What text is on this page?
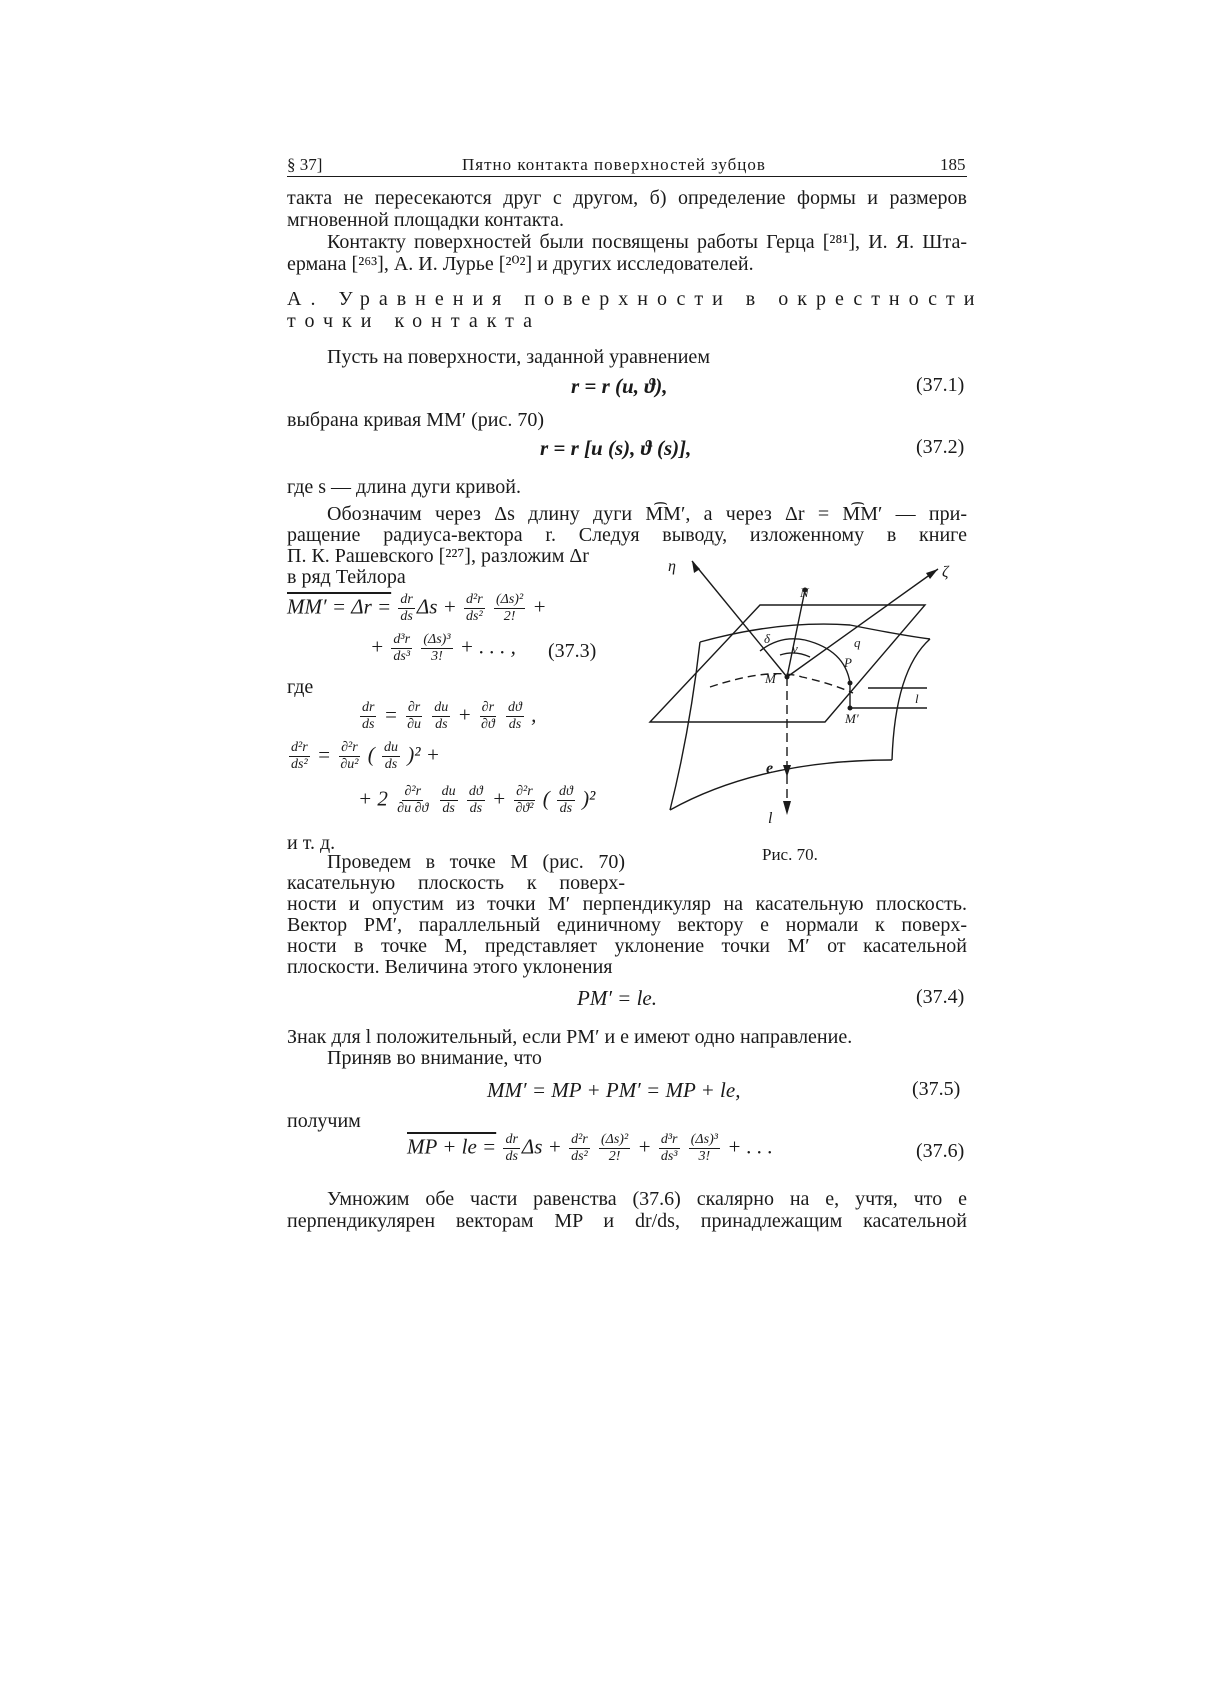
§ 37]	Пятно контакта поверхностей зубцов	185
такта не пересекаются друг с другом, б) определение формы и размеров
мгновенной площадки контакта.
Контакту поверхностей были посвящены работы Герца [²⁸¹], И. Я. Шта-
ермана [²⁶³], А. И. Лурье [²⁰²] и других исследователей.
А. Уравнения поверхности в окрестности
точки контакта
Пусть на поверхности, заданной уравнением
r = r (u, ϑ),	(37.1)
выбрана кривая MM′ (рис. 70)
r = r [u (s), ϑ (s)],	(37.2)
где s — длина дуги кривой.
Обозначим через Δs длину дуги M͡M′, а через Δr = M͡M′ — при-
ращение радиуса-вектора r. Следуя выводу, изложенному в книге
П. К. Рашевского [²²⁷], разложим Δr
в ряд Тейлора
$MM' = \Delta r = \frac{dr}{ds}$ $\Delta s + \frac{\text{d²r}}{\text{ds²}}$
$\frac{\text{(Δs)²}}{2!}$ +
+ $\frac{\text{d³r}}{\text{ds³}}$
$\frac{\text{(Δs)³}}{3!}$ + . . . , (37.3)
где
$\frac{dr}{ds} = \frac{\partial r}{\partial u}$
$\frac{du}{ds} + \frac{\partial r}{\partial ϑ}$
$\frac{dϑ}{ds}$ ,
$\frac{\text{d²r}}{\text{ds²}} = \frac{\text{∂²r}}{\text{∂u²}}$ ( $\frac{du}{ds} )^2$ +
+ $2 \frac{\text{∂²r}}{\partial u \partial ϑ}$
$\frac{du}{ds}$
$\frac{dϑ}{ds} + \frac{\text{∂²r}}{\text{∂ϑ²}}$ ( $\frac{dϑ}{ds} )^2$
и т. д.
Проведем в точке M (рис. 70)
касательную плоскость к поверх-
ности и опустим из точки M′ перпендикуляр на касательную плоскость.
Вектор PM′, параллельный единичному вектору e нормали к поверх-
ности в точке M, представляет уклонение точки M′ от касательной
плоскости. Величина этого уклонения
PM′ = le.	(37.4)
Знак для l положительный, если PM′ и e имеют одно направление.
Приняв во внимание, что
MM′ = MP + PM′ = MP + le,	(37.5)
получим
MP + le = $\frac{dr}{ds}$ $\Delta s + \frac{\text{d²r}}{\text{ds²}}$
$\frac{\text{(Δs)²}}{2!} + \frac{\text{d³r}}{\text{ds³}}$
$\frac{\text{(Δs)³}}{3!}$ + . . .	(37.6)
Умножим обе части равенства (37.6) скалярно на e, учтя, что e
перпендикулярен векторам MP и dr/ds, принадлежащим касательной
η	ζ
N
δ
ν	q
M
P
M′
l
e
l
Рис. 70.
